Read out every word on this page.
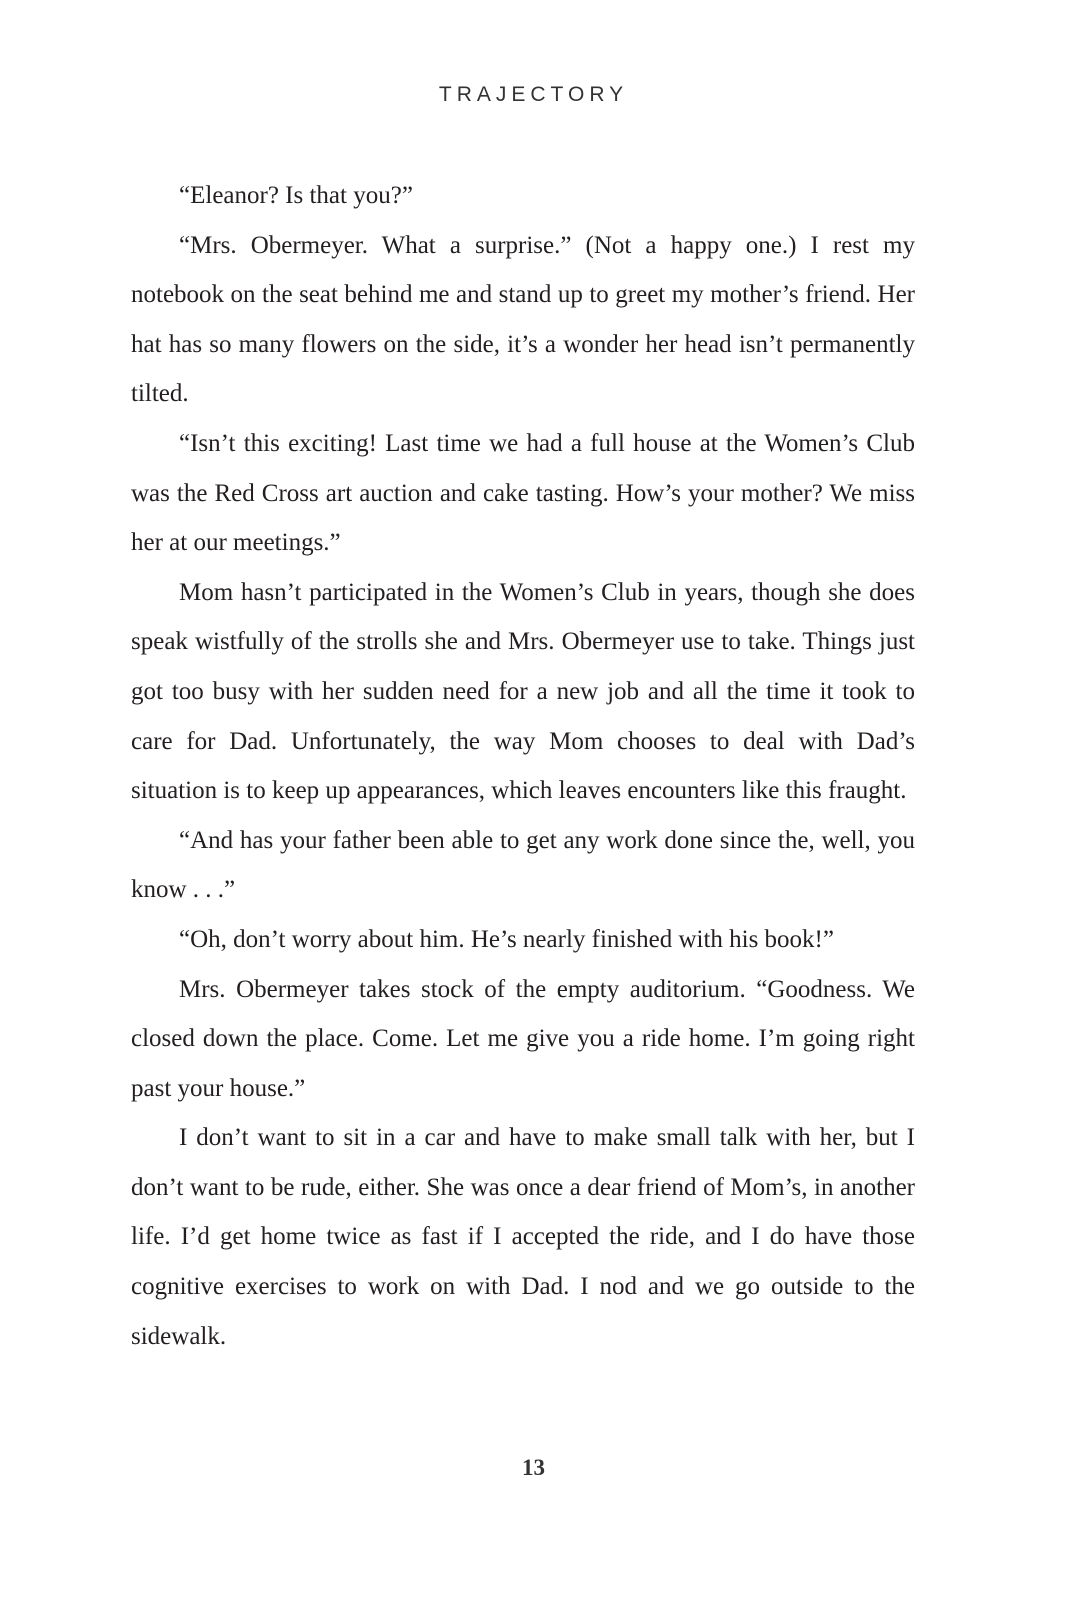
TRAJECTORY

“Eleanor? Is that you?”

“Mrs. Obermeyer. What a surprise.” (Not a happy one.) I rest my notebook on the seat behind me and stand up to greet my mother’s friend. Her hat has so many flowers on the side, it’s a wonder her head isn’t permanently tilted.

“Isn’t this exciting! Last time we had a full house at the Women’s Club was the Red Cross art auction and cake tasting. How’s your mother? We miss her at our meetings.”

Mom hasn’t participated in the Women’s Club in years, though she does speak wistfully of the strolls she and Mrs. Obermeyer use to take. Things just got too busy with her sudden need for a new job and all the time it took to care for Dad. Unfortunately, the way Mom chooses to deal with Dad’s situation is to keep up appearances, which leaves encounters like this fraught.

“And has your father been able to get any work done since the, well, you know . . .”

“Oh, don’t worry about him. He’s nearly finished with his book!”

Mrs. Obermeyer takes stock of the empty auditorium. “Goodness. We closed down the place. Come. Let me give you a ride home. I’m going right past your house.”

I don’t want to sit in a car and have to make small talk with her, but I don’t want to be rude, either. She was once a dear friend of Mom’s, in another life. I’d get home twice as fast if I accepted the ride, and I do have those cognitive exercises to work on with Dad. I nod and we go outside to the sidewalk.

13
